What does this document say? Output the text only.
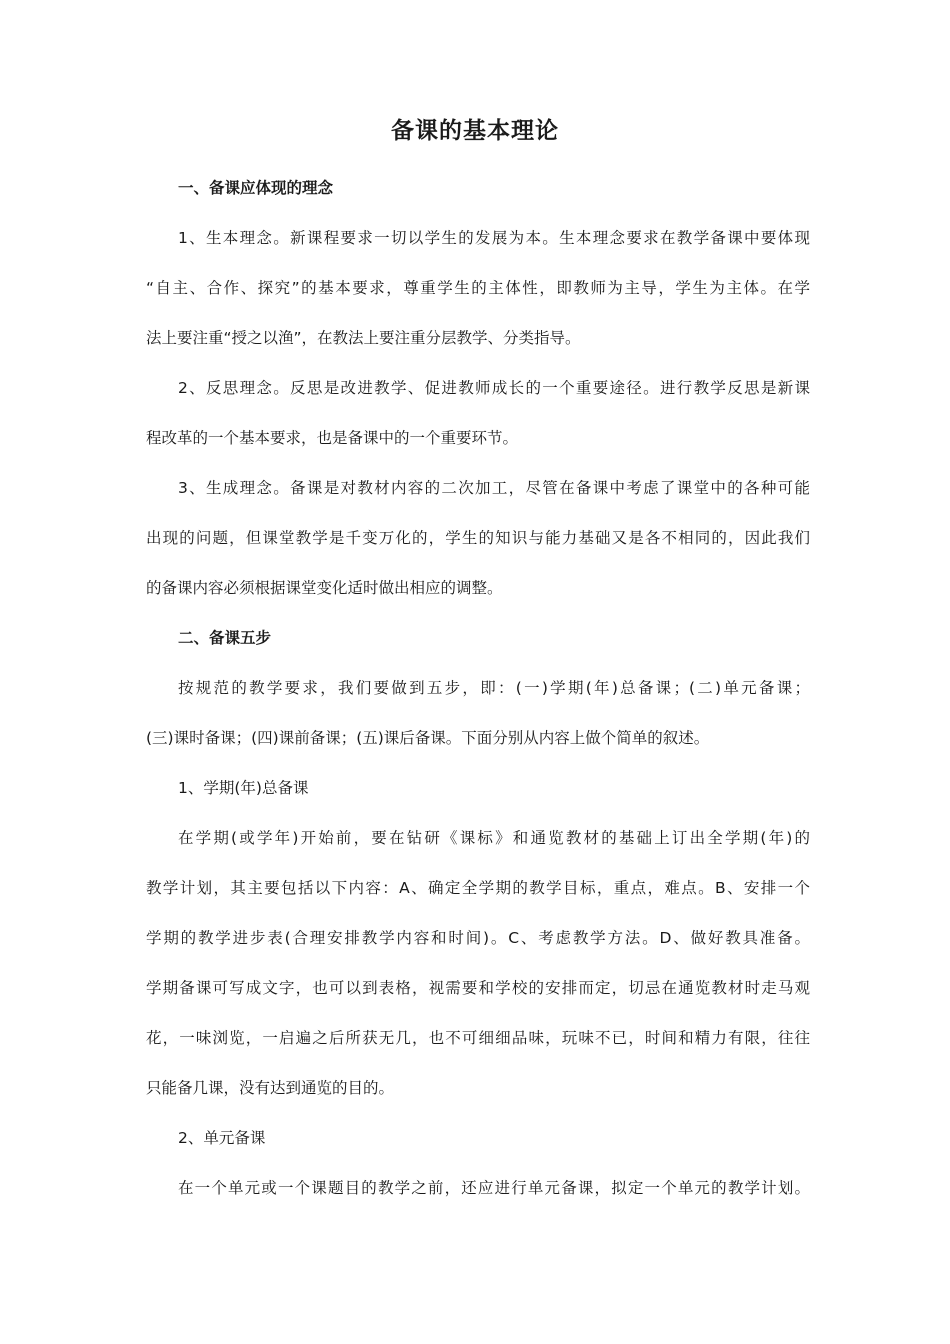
备课的基本理论
一、备课应体现的理念
1、生本理念。新课程要求一切以学生的发展为本。生本理念要求在教学备课中要体现
“自主、合作、探究”的基本要求，尊重学生的主体性，即教师为主导，学生为主体。在学
法上要注重“授之以渔”，在教法上要注重分层教学、分类指导。
2、反思理念。反思是改进教学、促进教师成长的一个重要途径。进行教学反思是新课
程改革的一个基本要求，也是备课中的一个重要环节。
3、生成理念。备课是对教材内容的二次加工，尽管在备课中考虑了课堂中的各种可能
出现的问题，但课堂教学是千变万化的，学生的知识与能力基础又是各不相同的，因此我们
的备课内容必须根据课堂变化适时做出相应的调整。
二、备课五步
按规范的教学要求，我们要做到五步，即：(一)学期(年)总备课；(二)单元备课；
(三)课时备课；(四)课前备课；(五)课后备课。下面分别从内容上做个简单的叙述。
1、学期(年)总备课
在学期(或学年)开始前，要在钻研《课标》和通览教材的基础上订出全学期(年)的
教学计划，其主要包括以下内容：A、确定全学期的教学目标，重点，难点。B、安排一个
学期的教学进步表(合理安排教学内容和时间)。C、考虑教学方法。D、做好教具准备。
学期备课可写成文字，也可以到表格，视需要和学校的安排而定，切忌在通览教材时走马观
花，一味浏览，一启遍之后所获无几，也不可细细品味，玩味不已，时间和精力有限，往往
只能备几课，没有达到通览的目的。
2、单元备课
在一个单元或一个课题目的教学之前，还应进行单元备课，拟定一个单元的教学计划。
